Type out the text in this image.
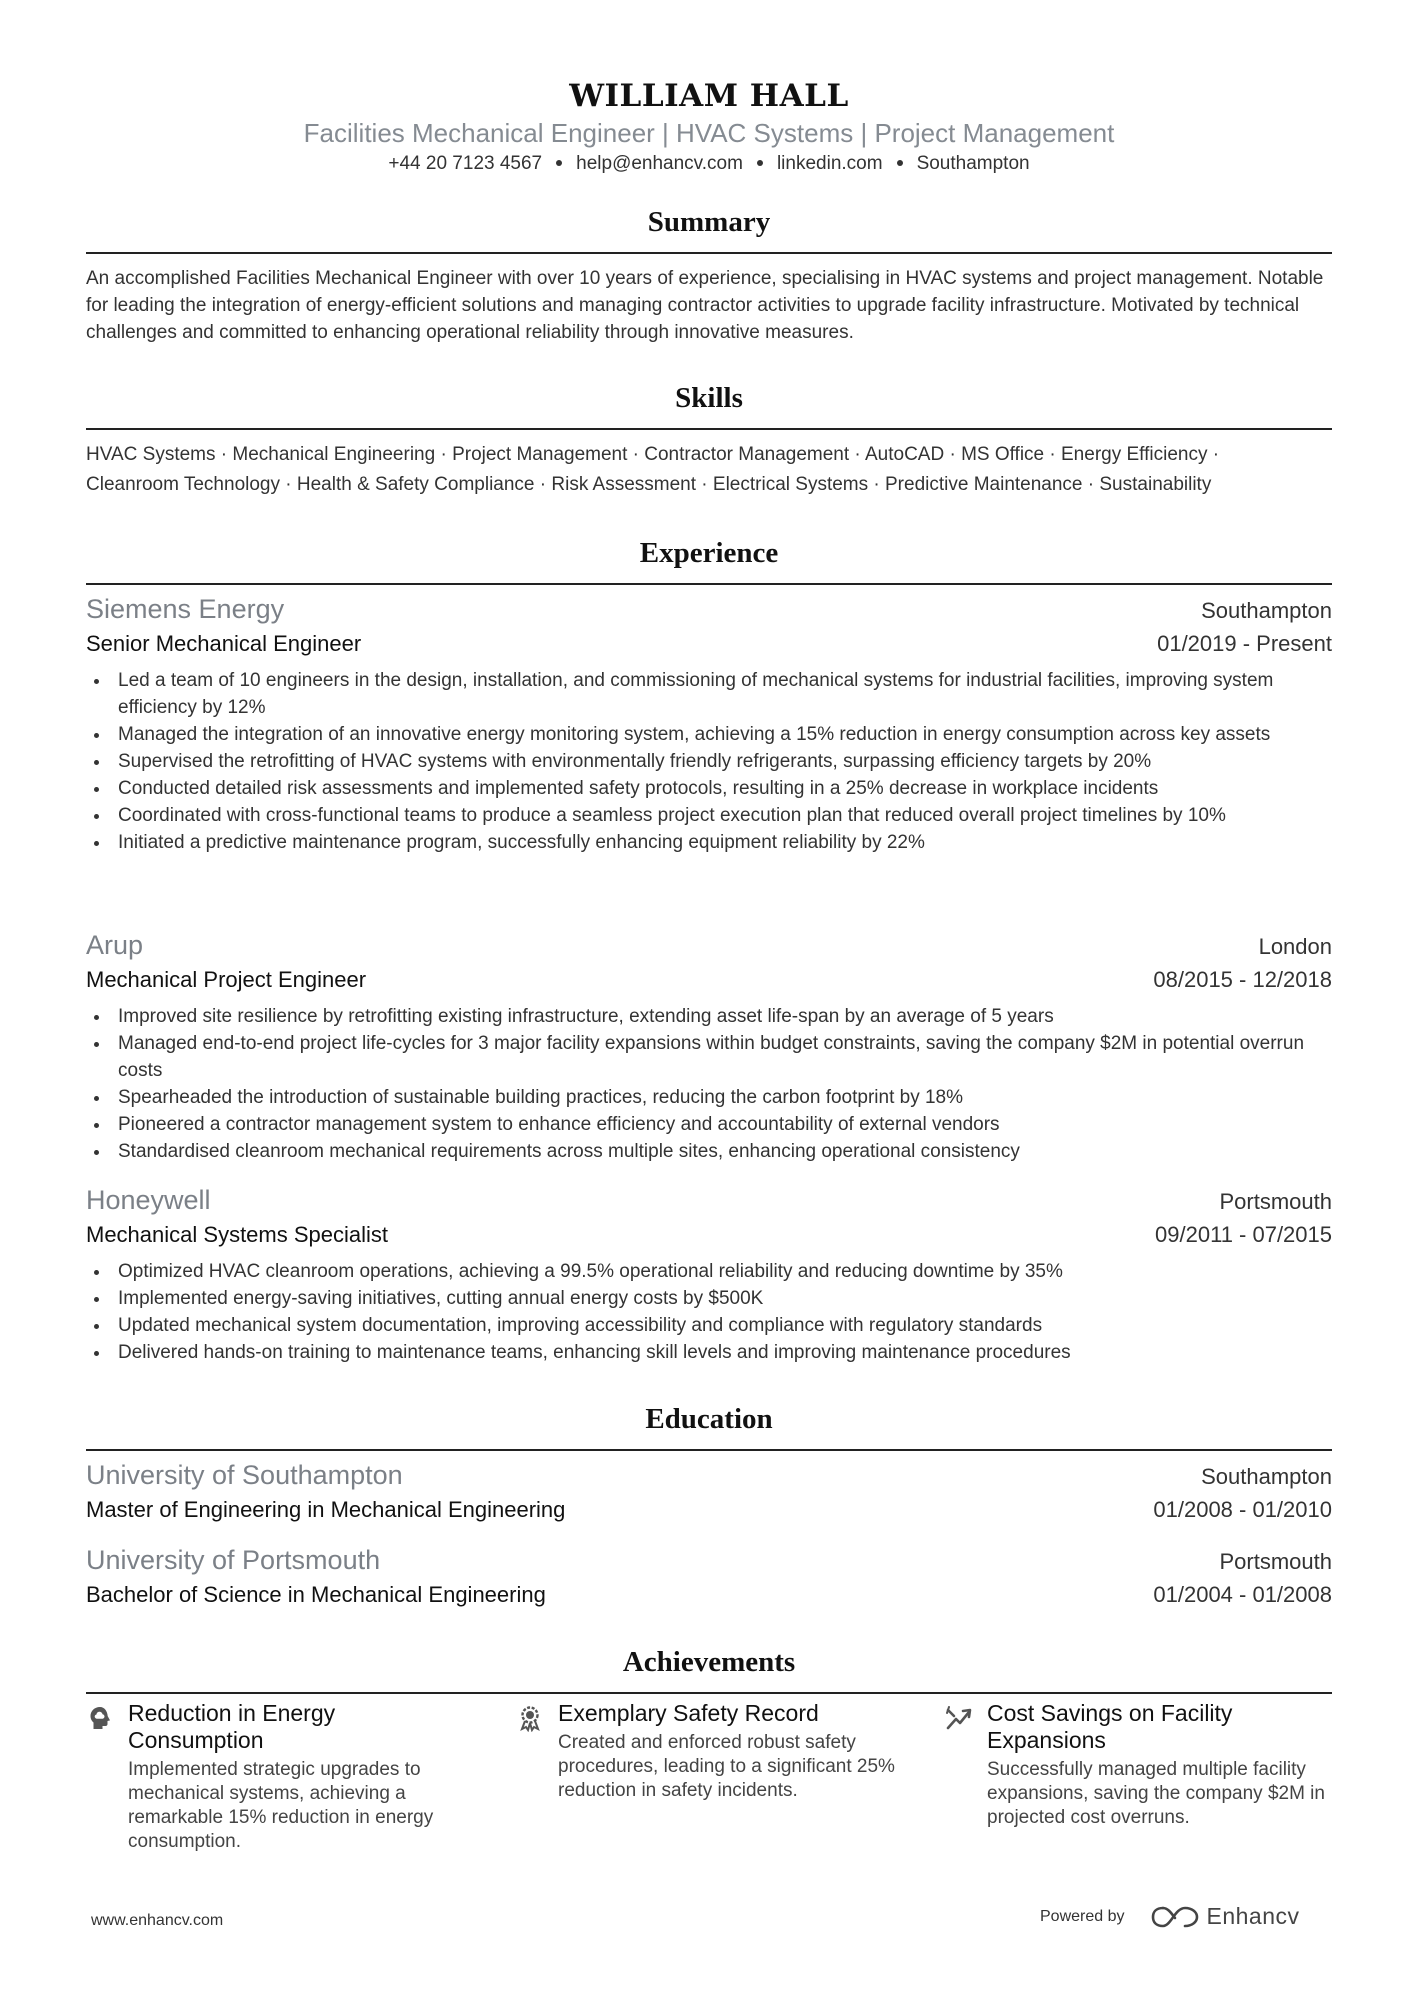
WILLIAM HALL
Facilities Mechanical Engineer | HVAC Systems | Project Management
+44 20 7123 4567 help@enhancv.com linkedin.com Southampton
Summary
An accomplished Facilities Mechanical Engineer with over 10 years of experience, specialising in HVAC systems and project management. Notable for leading the integration of energy-efficient solutions and managing contractor activities to upgrade facility infrastructure. Motivated by technical challenges and committed to enhancing operational reliability through innovative measures.
Skills
HVAC Systems · Mechanical Engineering · Project Management · Contractor Management · AutoCAD · MS Office · Energy Efficiency ·
Cleanroom Technology · Health & Safety Compliance · Risk Assessment · Electrical Systems · Predictive Maintenance · Sustainability
Experience
Siemens Energy	Southampton
Senior Mechanical Engineer	01/2019 - Present
Led a team of 10 engineers in the design, installation, and commissioning of mechanical systems for industrial facilities, improving system efficiency by 12%
Managed the integration of an innovative energy monitoring system, achieving a 15% reduction in energy consumption across key assets
Supervised the retrofitting of HVAC systems with environmentally friendly refrigerants, surpassing efficiency targets by 20%
Conducted detailed risk assessments and implemented safety protocols, resulting in a 25% decrease in workplace incidents
Coordinated with cross-functional teams to produce a seamless project execution plan that reduced overall project timelines by 10%
Initiated a predictive maintenance program, successfully enhancing equipment reliability by 22%
Arup	London
Mechanical Project Engineer	08/2015 - 12/2018
Improved site resilience by retrofitting existing infrastructure, extending asset life-span by an average of 5 years
Managed end-to-end project life-cycles for 3 major facility expansions within budget constraints, saving the company $2M in potential overrun costs
Spearheaded the introduction of sustainable building practices, reducing the carbon footprint by 18%
Pioneered a contractor management system to enhance efficiency and accountability of external vendors
Standardised cleanroom mechanical requirements across multiple sites, enhancing operational consistency
Honeywell	Portsmouth
Mechanical Systems Specialist	09/2011 - 07/2015
Optimized HVAC cleanroom operations, achieving a 99.5% operational reliability and reducing downtime by 35%
Implemented energy-saving initiatives, cutting annual energy costs by $500K
Updated mechanical system documentation, improving accessibility and compliance with regulatory standards
Delivered hands-on training to maintenance teams, enhancing skill levels and improving maintenance procedures
Education
University of Southampton	Southampton
Master of Engineering in Mechanical Engineering	01/2008 - 01/2010
University of Portsmouth	Portsmouth
Bachelor of Science in Mechanical Engineering	01/2004 - 01/2008
Achievements
Reduction in Energy Consumption
Implemented strategic upgrades to mechanical systems, achieving a remarkable 15% reduction in energy consumption.
Exemplary Safety Record
Created and enforced robust safety procedures, leading to a significant 25% reduction in safety incidents.
Cost Savings on Facility Expansions
Successfully managed multiple facility expansions, saving the company $2M in projected cost overruns.
www.enhancv.com	Powered by	Enhancv
